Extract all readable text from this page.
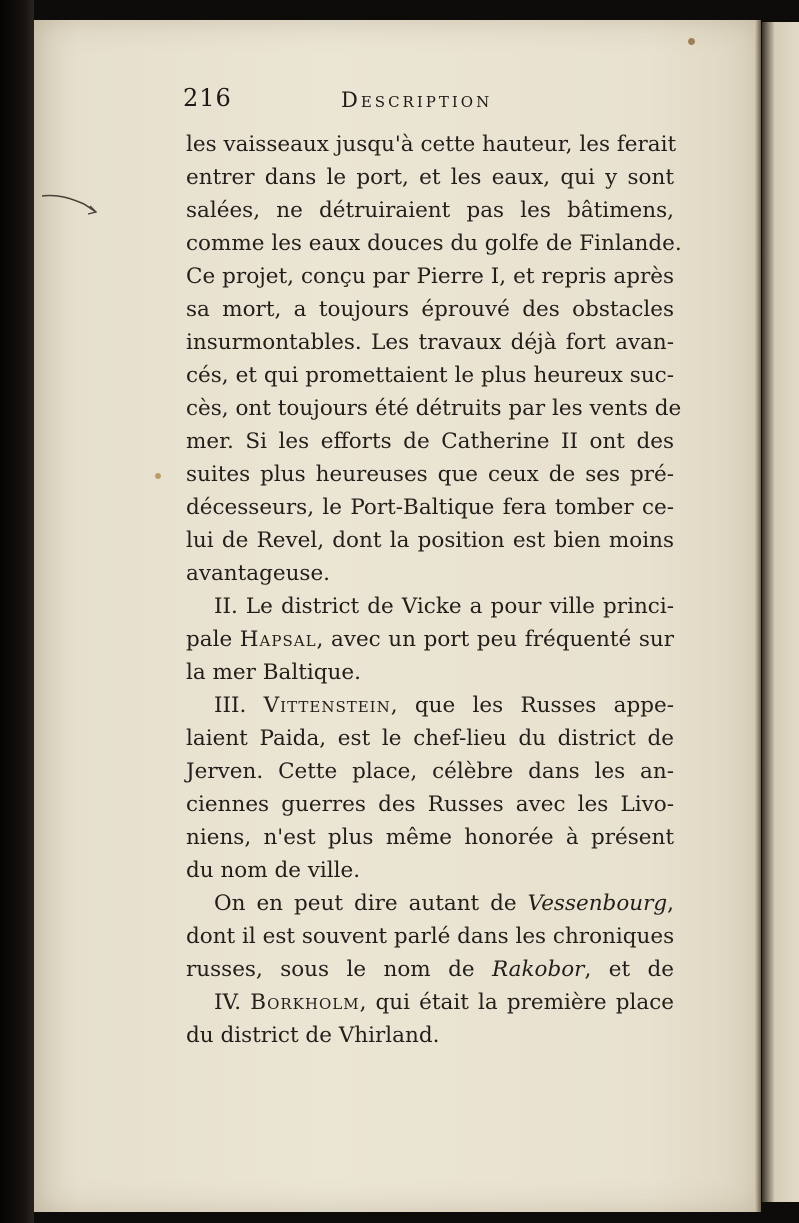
216	Description
les vaisseaux jusqu'à cette hauteur, les ferait
entrer dans le port, et les eaux, qui y sont
salées, ne détruiraient pas les bâtimens,
comme les eaux douces du golfe de Finlande.
Ce projet, conçu par Pierre I, et repris après
sa mort, a toujours éprouvé des obstacles
insurmontables. Les travaux déjà fort avan-
cés, et qui promettaient le plus heureux suc-
cès, ont toujours été détruits par les vents de
mer. Si les efforts de Catherine II ont des
suites plus heureuses que ceux de ses pré-
décesseurs, le Port-Baltique fera tomber ce-
lui de Revel, dont la position est bien moins
avantageuse.
II. Le district de Vicke a pour ville princi-
pale Hapsal, avec un port peu fréquenté sur
la mer Baltique.
III. Vittenstein, que les Russes appe-
laient Paida, est le chef-lieu du district de
Jerven. Cette place, célèbre dans les an-
ciennes guerres des Russes avec les Livo-
niens, n'est plus même honorée à présent
du nom de ville.
On en peut dire autant de Vessenbourg,
dont il est souvent parlé dans les chroniques
russes, sous le nom de Rakobor, et de
IV. Borkholm, qui était la première place
du district de Vhirland.
